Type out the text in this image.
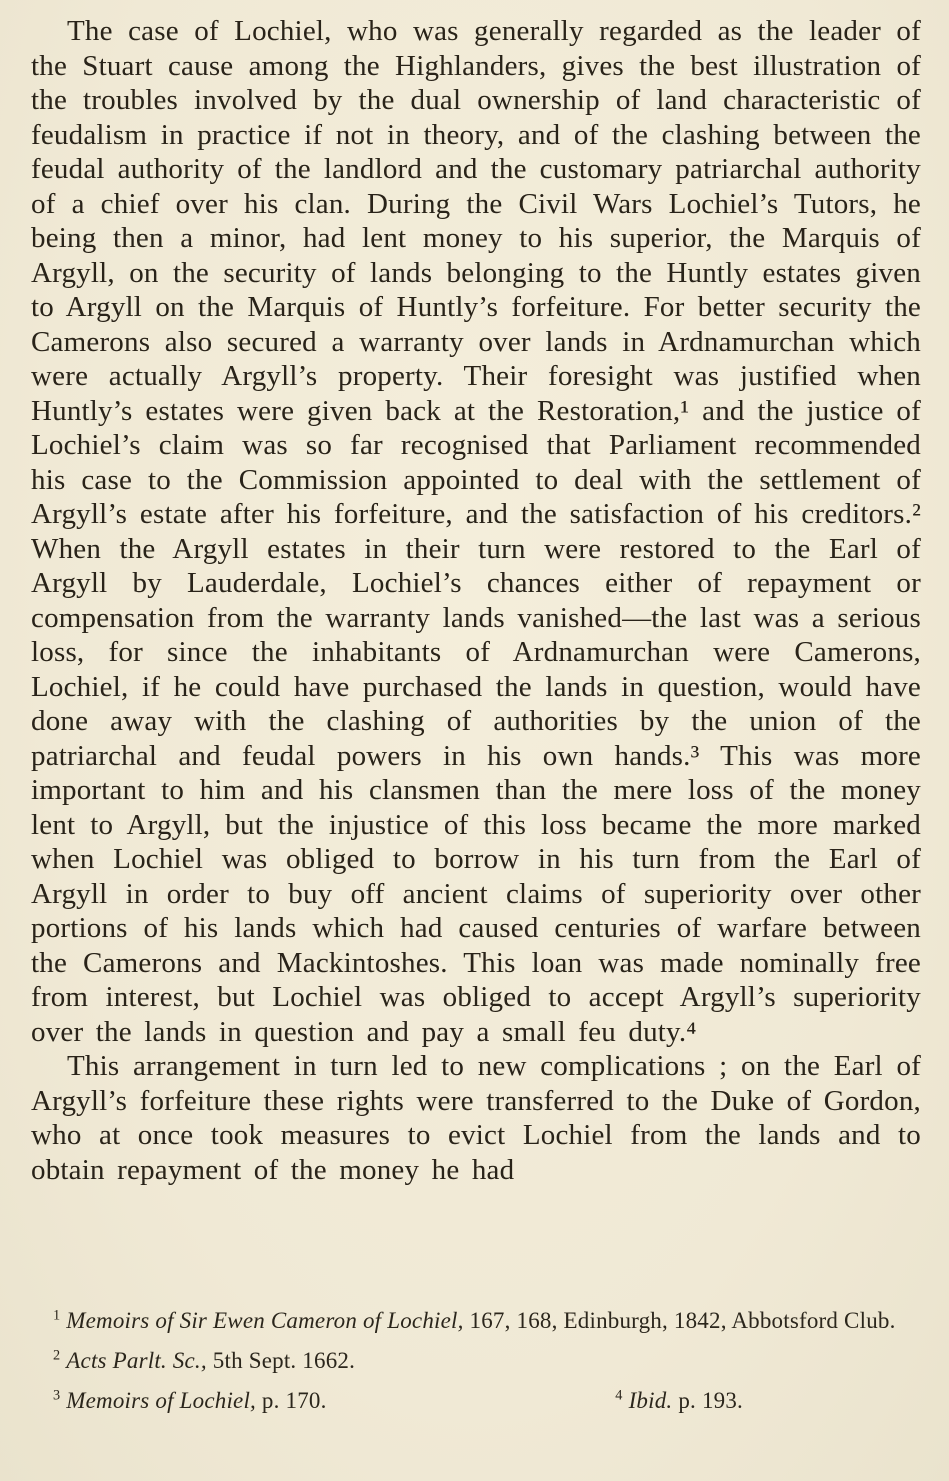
The case of Lochiel, who was generally regarded as the leader of the Stuart cause among the Highlanders, gives the best illustration of the troubles involved by the dual ownership of land characteristic of feudalism in practice if not in theory, and of the clashing between the feudal authority of the landlord and the customary patriarchal authority of a chief over his clan. During the Civil Wars Lochiel’s Tutors, he being then a minor, had lent money to his superior, the Marquis of Argyll, on the security of lands belonging to the Huntly estates given to Argyll on the Marquis of Huntly’s forfeiture. For better security the Camerons also secured a warranty over lands in Ardnamurchan which were actually Argyll’s property. Their foresight was justified when Huntly’s estates were given back at the Restoration,¹ and the justice of Lochiel’s claim was so far recognised that Parliament recommended his case to the Commission appointed to deal with the settlement of Argyll’s estate after his forfeiture, and the satisfaction of his creditors.² When the Argyll estates in their turn were restored to the Earl of Argyll by Lauderdale, Lochiel’s chances either of repayment or compensation from the warranty lands vanished—the last was a serious loss, for since the inhabitants of Ardnamurchan were Camerons, Lochiel, if he could have purchased the lands in question, would have done away with the clashing of authorities by the union of the patriarchal and feudal powers in his own hands.³ This was more important to him and his clansmen than the mere loss of the money lent to Argyll, but the injustice of this loss became the more marked when Lochiel was obliged to borrow in his turn from the Earl of Argyll in order to buy off ancient claims of superiority over other portions of his lands which had caused centuries of warfare between the Camerons and Mackintoshes. This loan was made nominally free from interest, but Lochiel was obliged to accept Argyll’s superiority over the lands in question and pay a small feu duty.⁴

This arrangement in turn led to new complications ; on the Earl of Argyll’s forfeiture these rights were transferred to the Duke of Gordon, who at once took measures to evict Lochiel from the lands and to obtain repayment of the money he had

$^1$ Memoirs of Sir Ewen Cameron of Lochiel, 167, 168, Edinburgh, 1842, Abbotsford Club.

$^2$ Acts Parlt. Sc., 5th Sept. 1662.

$^3$ Memoirs of Lochiel, p. 170.	$^4$ Ibid. p. 193.
